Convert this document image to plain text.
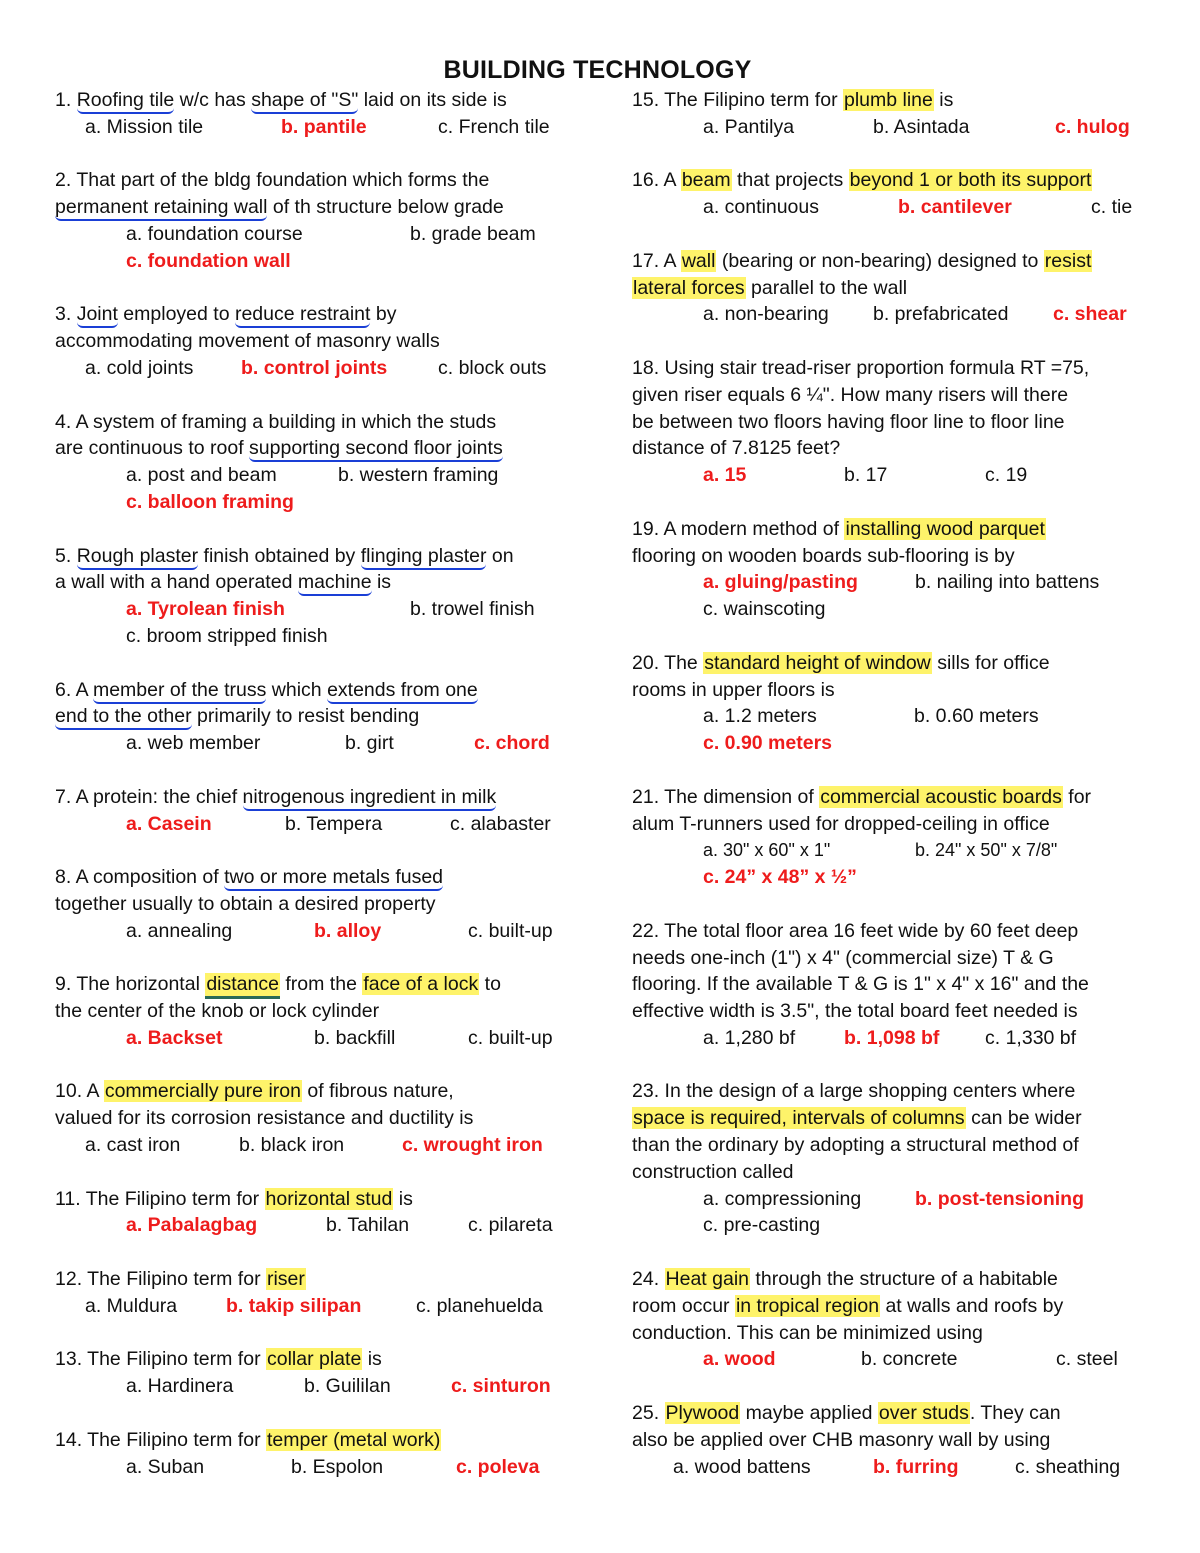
BUILDING TECHNOLOGY
1. Roofing tile w/c has shape of "S" laid on its side is
a. Mission tile	b. pantile	c. French tile
2. That part of the bldg foundation which forms the
permanent retaining wall of th structure below grade
a. foundation course	b. grade beam
c. foundation wall
3. Joint employed to reduce restraint by
accommodating movement of masonry walls
a. cold joints	b. control joints	c. block outs
4. A system of framing a building in which the studs
are continuous to roof supporting second floor joints
a. post and beam	b. western framing
c. balloon framing
5. Rough plaster finish obtained by flinging plaster on
a wall with a hand operated machine is
a. Tyrolean finish	b. trowel finish
c. broom stripped finish
6. A member of the truss which extends from one
end to the other primarily to resist bending
a. web member	b. girt	c. chord
7. A protein: the chief nitrogenous ingredient in milk
a. Casein	b. Tempera	c. alabaster
8. A composition of two or more metals fused
together usually to obtain a desired property
a. annealing	b. alloy	c. built-up
9. The horizontal distance from the face of a lock to
the center of the knob or lock cylinder
a. Backset	b. backfill	c. built-up
10. A commercially pure iron of fibrous nature,
valued for its corrosion resistance and ductility is
a. cast iron	b. black iron	c. wrought iron
11. The Filipino term for horizontal stud is
a. Pabalagbag	b. Tahilan	c. pilareta
12. The Filipino term for riser
a. Muldura	b. takip silipan	c. planehuelda
13. The Filipino term for collar plate is
a. Hardinera	b. Guililan	c. sinturon
14. The Filipino term for temper (metal work)
a. Suban	b. Espolon	c. poleva
15. The Filipino term for plumb line is
a. Pantilya	b. Asintada	c. hulog
16. A beam that projects beyond 1 or both its support
a. continuous	b. cantilever	c. tie
17. A wall (bearing or non-bearing) designed to resist
lateral forces parallel to the wall
a. non-bearing	b. prefabricated	c. shear
18. Using stair tread-riser proportion formula RT =75,
given riser equals 6 ¼". How many risers will there
be between two floors having floor line to floor line
distance of 7.8125 feet?
a. 15	b. 17	c. 19
19. A modern method of installing wood parquet
flooring on wooden boards sub-flooring is by
a. gluing/pasting	b. nailing into battens
c. wainscoting
20. The standard height of window sills for office
rooms in upper floors is
a. 1.2 meters	b. 0.60 meters
c. 0.90 meters
21. The dimension of commercial acoustic boards for
alum T-runners used for dropped-ceiling in office
a. 30" x 60" x 1"	b. 24" x 50" x 7/8"
c. 24” x 48” x ½”
22. The total floor area 16 feet wide by 60 feet deep
needs one-inch (1") x 4" (commercial size) T & G
flooring. If the available T & G is 1" x 4" x 16" and the
effective width is 3.5", the total board feet needed is
a. 1,280 bf	b. 1,098 bf	c. 1,330 bf
23. In the design of a large shopping centers where
space is required, intervals of columns can be wider
than the ordinary by adopting a structural method of
construction called
a. compressioning	b. post-tensioning
c. pre-casting
24. Heat gain through the structure of a habitable
room occur in tropical region at walls and roofs by
conduction. This can be minimized using
a. wood	b. concrete	c. steel
25. Plywood maybe applied over studs. They can
also be applied over CHB masonry wall by using
a. wood battens	b. furring	c. sheathing
